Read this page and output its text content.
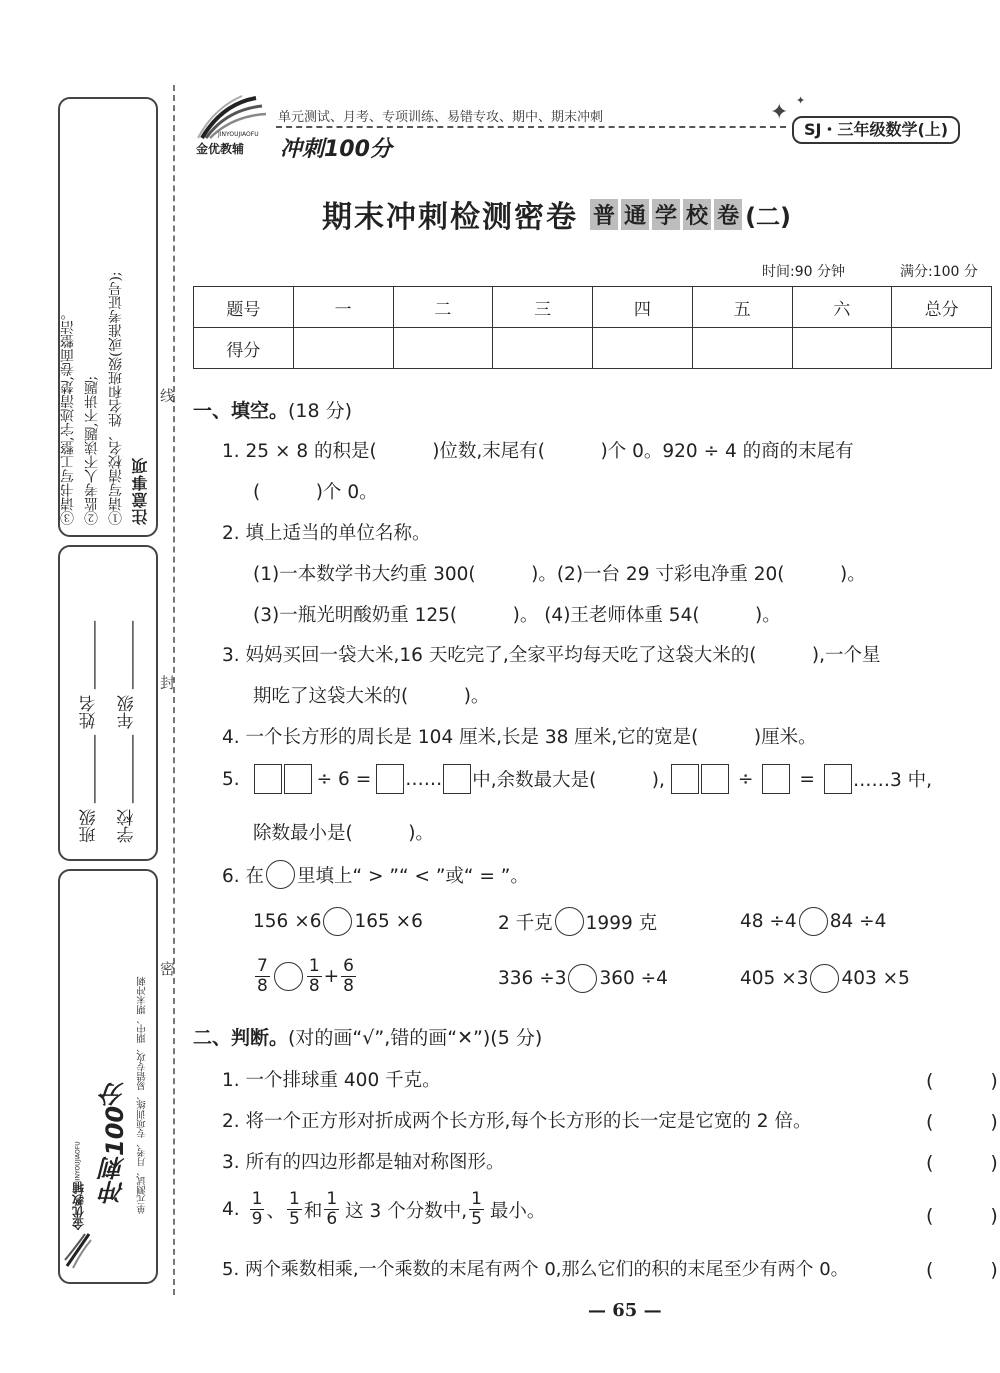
线
封
密
注意事项
①请写清校名、姓名和班级(或准考证号);
②监考人不读题,不讲题;
③请书写工整,字迹清楚,卷面整洁。
学校
________
年级
________
班级
________
姓名
________
单元测试、月考、专项训练、易错专攻、期中、期末冲刺
冲刺100分
金优教辅
JINYOUJIAOFU
金优教辅
JINYOUJIAOFU
冲刺100分
单元测试、月考、专项训练、易错专攻、期中、期末冲刺	✦ ✦
SJ・三年级数学(上)
期末冲刺检测密卷 普 通 学 校 卷 (二)
时间:90 分钟	满分:100 分
题号	一	二	三	四	五	六	总分
得分							
一、填空。(18 分)
1. 25 × 8 的积是(　　　)位数,末尾有(　　　)个 0。920 ÷ 4 的商的末尾有
(　　　)个 0。
2. 填上适当的单位名称。
(1)一本数学书大约重 300(　　　)。(2)一台 29 寸彩电净重 20(　　　)。
(3)一瓶光明酸奶重 125(　　　)。 (4)王老师体重 54(　　　)。
3. 妈妈买回一袋大米,16 天吃完了,全家平均每天吃了这袋大米的(　　　),一个星
期吃了这袋大米的(　　　)。
4. 一个长方形的周长是 104 厘米,长是 38 厘米,它的宽是(　　　)厘米。
5.	÷ 6 = …… 中,余数最大是(　　　),	÷ = ……3 中,
除数最小是(　　　)。
6. 在 里填上“ > ”“ < ”或“ = ”。
156 ×6 165 ×6	2 千克 1999 克	48 ÷4 84 ÷4
$\frac{7}{8} \frac{1}{8} + \frac{6}{8}$	336 ÷3 360 ÷4	405 ×3 403 ×5
二、判断。(对的画“√”,错的画“✕”)(5 分)
1. 一个排球重 400 千克。	(　　　)
2. 将一个正方形对折成两个长方形,每个长方形的长一定是它宽的 2 倍。	(　　　)
3. 所有的四边形都是轴对称图形。	(　　　)
4. $\frac{1}{9}$ 、 $\frac{1}{5}$ 和 $\frac{1}{6}$ 这 3 个分数中, $\frac{1}{5}$ 最小。	(　　　)
5. 两个乘数相乘,一个乘数的末尾有两个 0,那么它们的积的末尾至少有两个 0。	(　　　)
— 65 —
